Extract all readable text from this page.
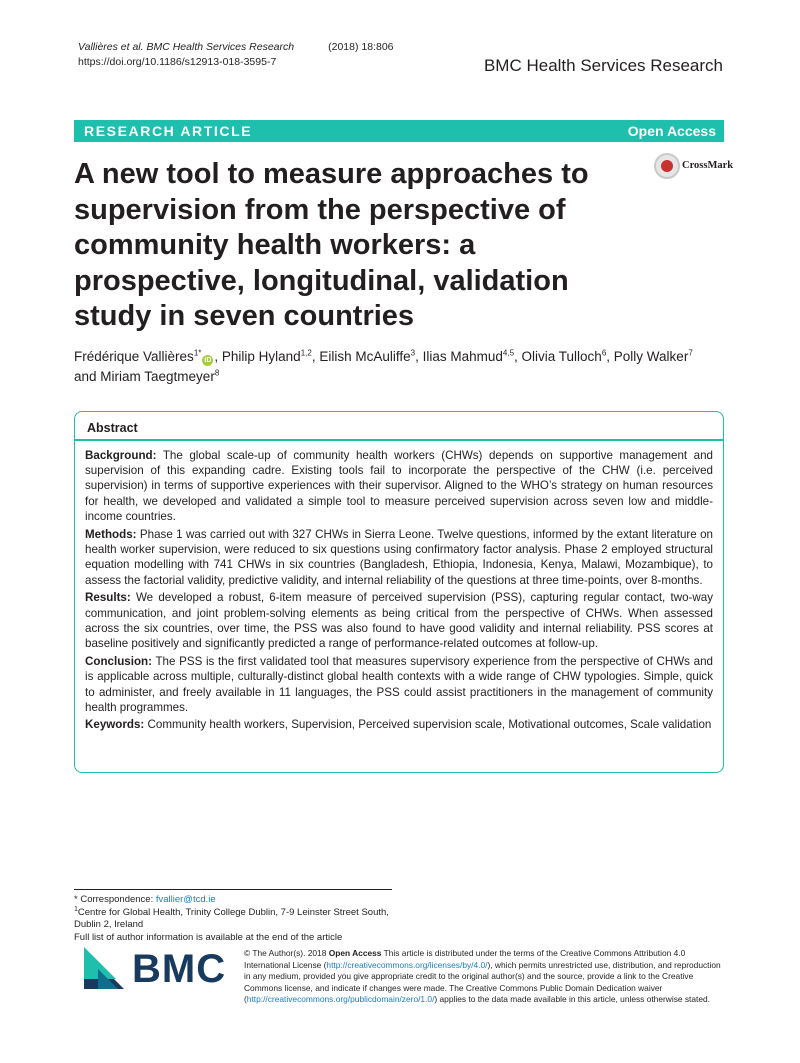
Vallières et al. BMC Health Services Research	(2018) 18:806
https://doi.org/10.1186/s12913-018-3595-7	BMC Health Services Research
RESEARCH ARTICLE	Open Access
CrossMark
A new tool to measure approaches to supervision from the perspective of community health workers: a prospective, longitudinal, validation study in seven countries
Frédérique Vallières$^{1*}$iD , Philip Hyland$^{1,2}$, Eilish McAuliffe$^3$, Ilias Mahmud$^{4,5}$, Olivia Tulloch$^6$, Polly Walker$^7$
and Miriam Taegtmeyer$^8$
Abstract

Background: The global scale-up of community health workers (CHWs) depends on supportive management and supervision of this expanding cadre. Existing tools fail to incorporate the perspective of the CHW (i.e. perceived supervision) in terms of supportive experiences with their supervisor. Aligned to the WHO’s strategy on human resources for health, we developed and validated a simple tool to measure perceived supervision across seven low and middle-income countries.

Methods: Phase 1 was carried out with 327 CHWs in Sierra Leone. Twelve questions, informed by the extant literature on health worker supervision, were reduced to six questions using confirmatory factor analysis. Phase 2 employed structural equation modelling with 741 CHWs in six countries (Bangladesh, Ethiopia, Indonesia, Kenya, Malawi, Mozambique), to assess the factorial validity, predictive validity, and internal reliability of the questions at three time-points, over 8-months.

Results: We developed a robust, 6-item measure of perceived supervision (PSS), capturing regular contact, two-way communication, and joint problem-solving elements as being critical from the perspective of CHWs. When assessed across the six countries, over time, the PSS was also found to have good validity and internal reliability. PSS scores at baseline positively and significantly predicted a range of performance-related outcomes at follow-up.

Conclusion: The PSS is the first validated tool that measures supervisory experience from the perspective of CHWs and is applicable across multiple, culturally-distinct global health contexts with a wide range of CHW typologies. Simple, quick to administer, and freely available in 11 languages, the PSS could assist practitioners in the management of community health programmes.

Keywords: Community health workers, Supervision, Perceived supervision scale, Motivational outcomes, Scale validation

* Correspondence: fvallier@tcd.ie
$^1$Centre for Global Health, Trinity College Dublin, 7-9 Leinster Street South, Dublin 2, Ireland
Full list of author information is available at the end of the article
BMC © The Author(s). 2018 Open Access This article is distributed under the terms of the Creative Commons Attribution 4.0 International License (http://creativecommons.org/licenses/by/4.0/), which permits unrestricted use, distribution, and reproduction in any medium, provided you give appropriate credit to the original author(s) and the source, provide a link to the Creative Commons license, and indicate if changes were made. The Creative Commons Public Domain Dedication waiver (http://creativecommons.org/publicdomain/zero/1.0/) applies to the data made available in this article, unless otherwise stated.
